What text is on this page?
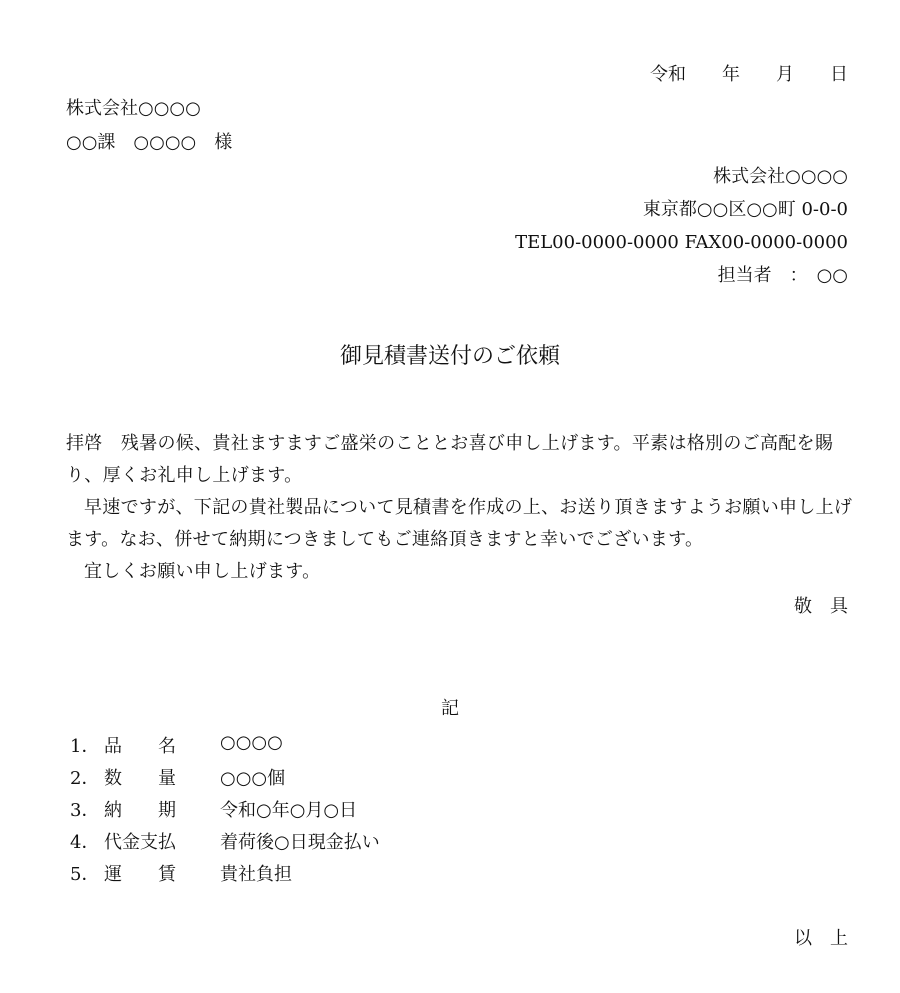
令和　　年　　月　　日
株式会社○○○○
○○課　○○○○　様
株式会社○○○○
東京都○○区○○町 0-0-0
TEL00-0000-0000 FAX00-0000-0000
担当者　：　○○
御見積書送付のご依頼

拝啓　残暑の候、貴社ますますご盛栄のこととお喜び申し上げます。平素は格別のご高配を賜り、厚くお礼申し上げます。

早速ですが、下記の貴社製品について見積書を作成の上、お送り頂きますようお願い申し上げます。なお、併せて納期につきましてもご連絡頂きますと幸いでございます。

宜しくお願い申し上げます。

敬　具
記
1． 品　　名	○○○○
2． 数　　量	○○○個
3． 納　　期	令和○年○月○日
4． 代金支払	着荷後○日現金払い
5． 運　　賃	貴社負担
以　上
